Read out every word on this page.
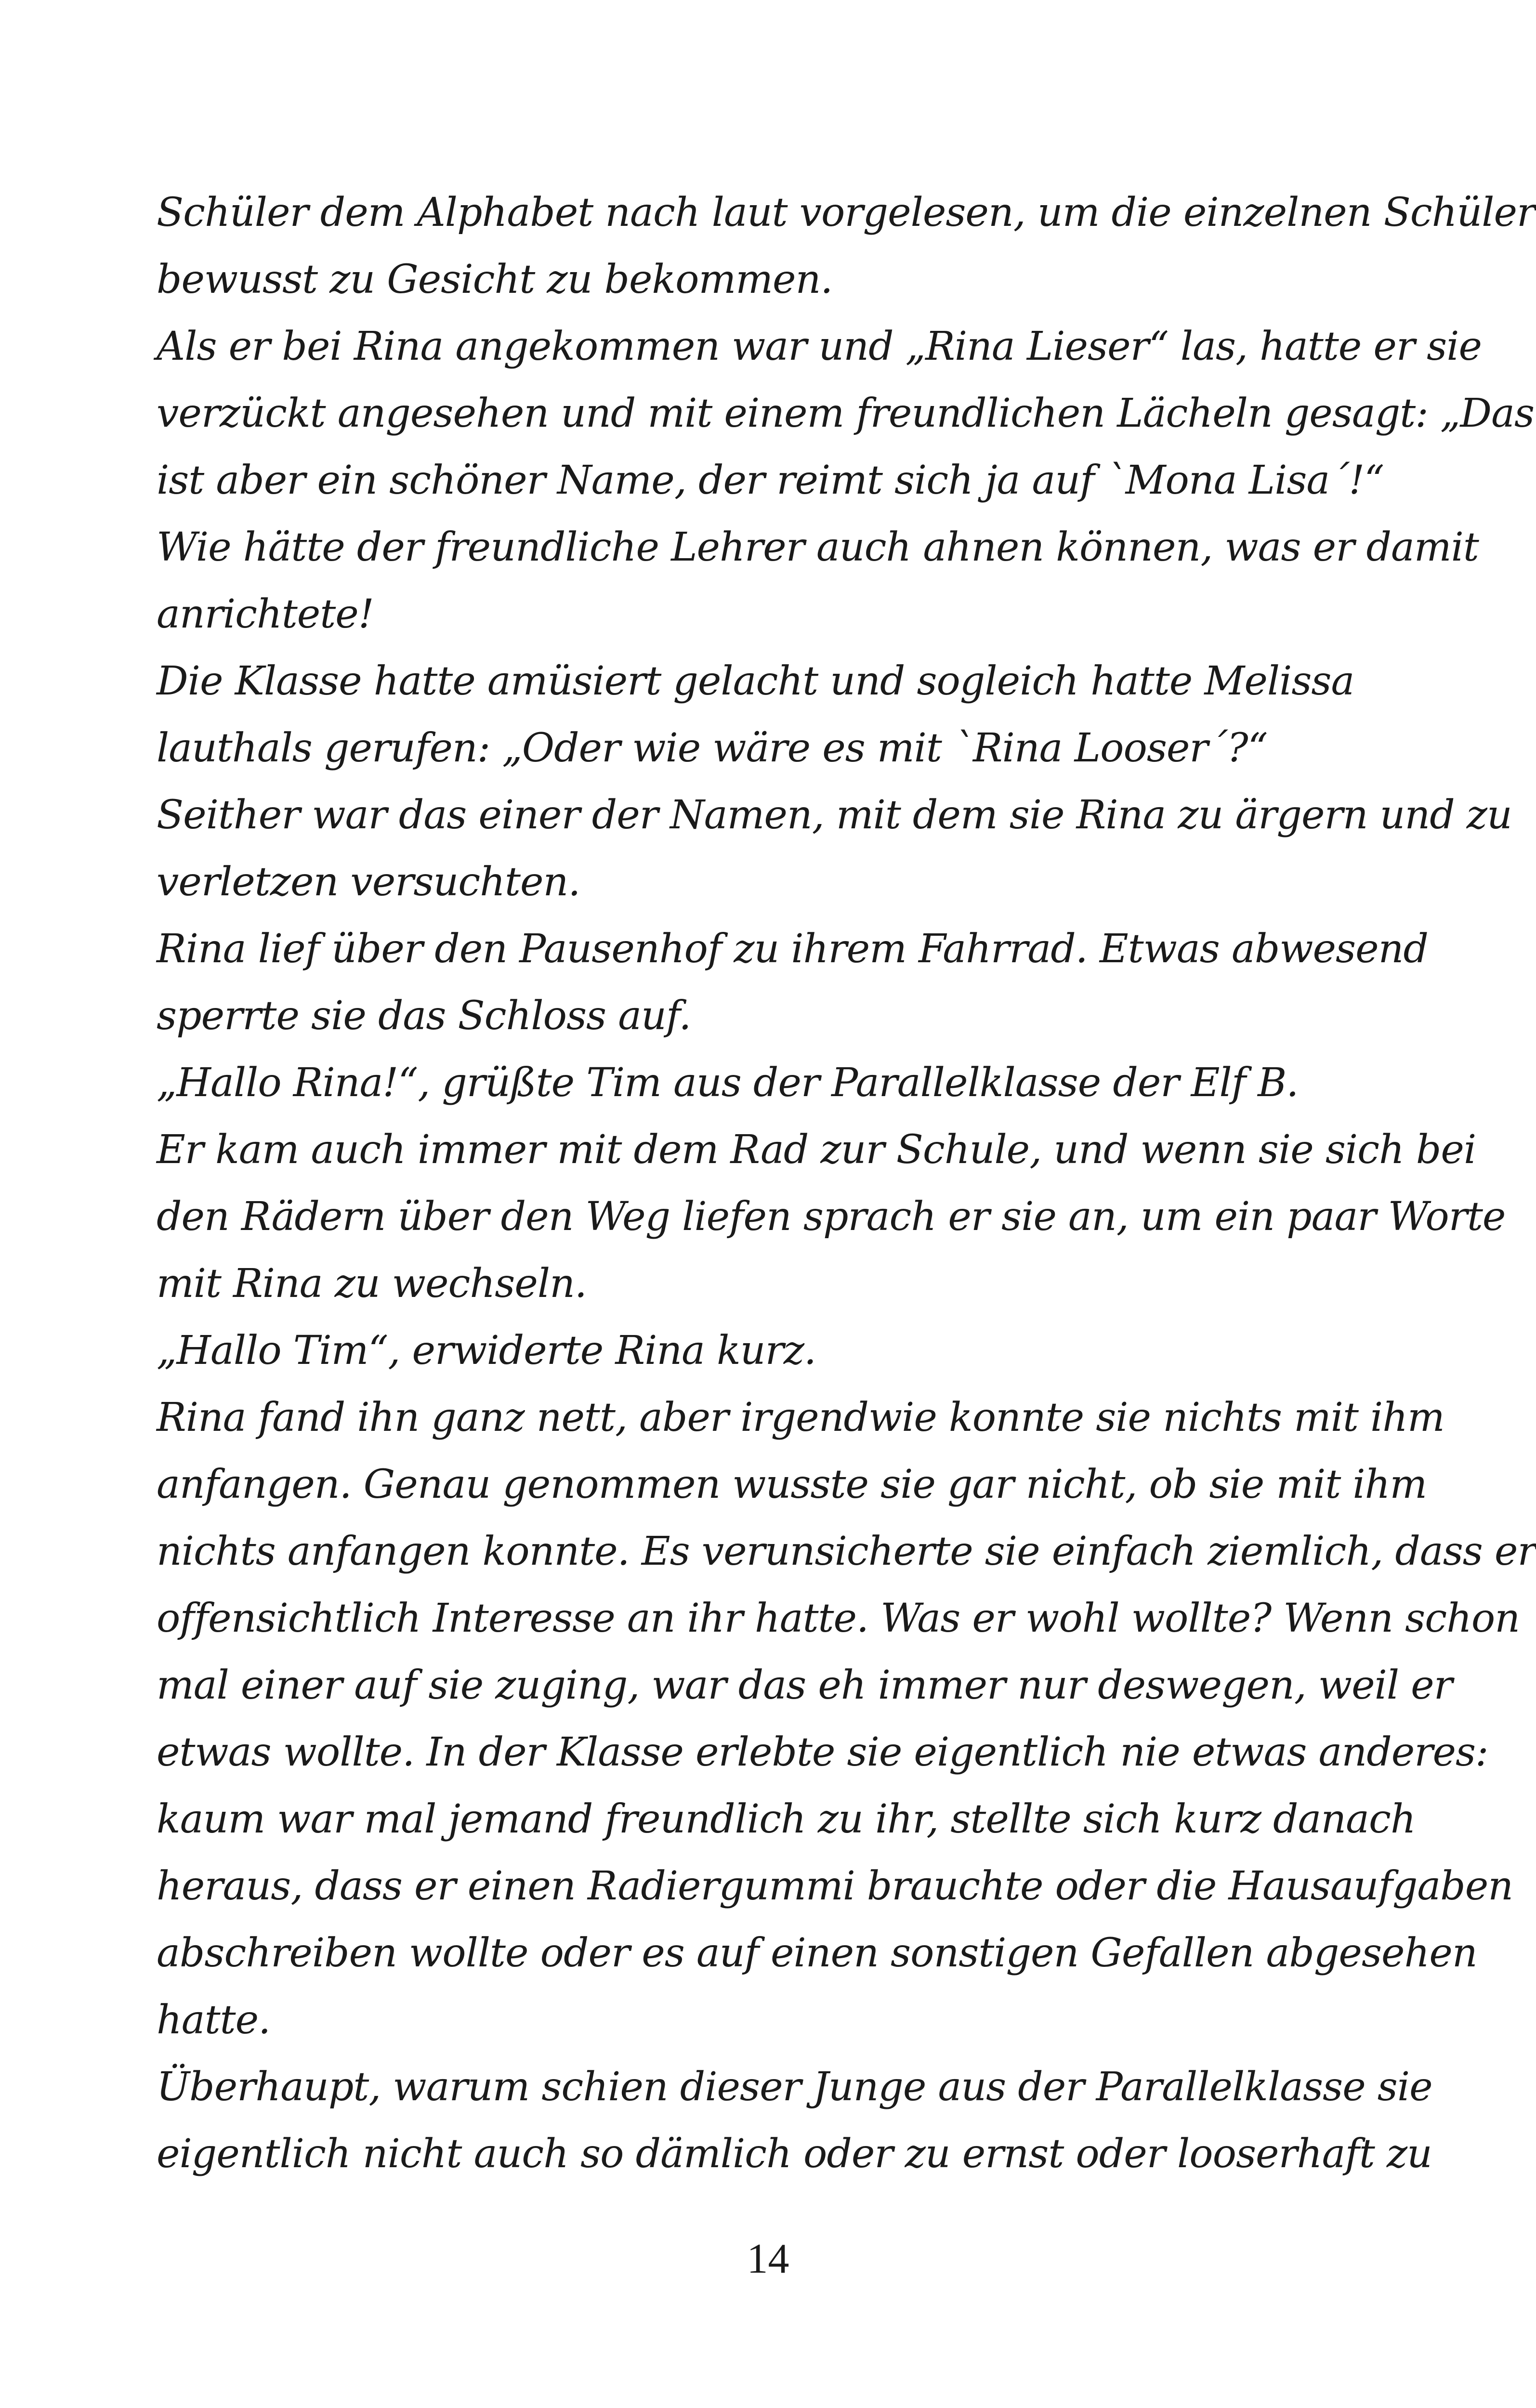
Schüler dem Alphabet nach laut vorgelesen, um die einzelnen Schüler
bewusst zu Gesicht zu bekommen.
Als er bei Rina angekommen war und „Rina Lieser“ las, hatte er sie
verzückt angesehen und mit einem freundlichen Lächeln gesagt: „Das
ist aber ein schöner Name, der reimt sich ja auf `Mona Lisa´!“
Wie hätte der freundliche Lehrer auch ahnen können, was er damit
anrichtete!
Die Klasse hatte amüsiert gelacht und sogleich hatte Melissa
lauthals gerufen: „Oder wie wäre es mit `Rina Looser´?“
Seither war das einer der Namen, mit dem sie Rina zu ärgern und zu
verletzen versuchten.
Rina lief über den Pausenhof zu ihrem Fahrrad. Etwas abwesend
sperrte sie das Schloss auf.
„Hallo Rina!“, grüßte Tim aus der Parallelklasse der Elf B.
Er kam auch immer mit dem Rad zur Schule, und wenn sie sich bei
den Rädern über den Weg liefen sprach er sie an, um ein paar Worte
mit Rina zu wechseln.
„Hallo Tim“, erwiderte Rina kurz.
Rina fand ihn ganz nett, aber irgendwie konnte sie nichts mit ihm
anfangen. Genau genommen wusste sie gar nicht, ob sie mit ihm
nichts anfangen konnte. Es verunsicherte sie einfach ziemlich, dass er
offensichtlich Interesse an ihr hatte. Was er wohl wollte? Wenn schon
mal einer auf sie zuging, war das eh immer nur deswegen, weil er
etwas wollte. In der Klasse erlebte sie eigentlich nie etwas anderes:
kaum war mal jemand freundlich zu ihr, stellte sich kurz danach
heraus, dass er einen Radiergummi brauchte oder die Hausaufgaben
abschreiben wollte oder es auf einen sonstigen Gefallen abgesehen
hatte.
Überhaupt, warum schien dieser Junge aus der Parallelklasse sie
eigentlich nicht auch so dämlich oder zu ernst oder looserhaft zu
14
